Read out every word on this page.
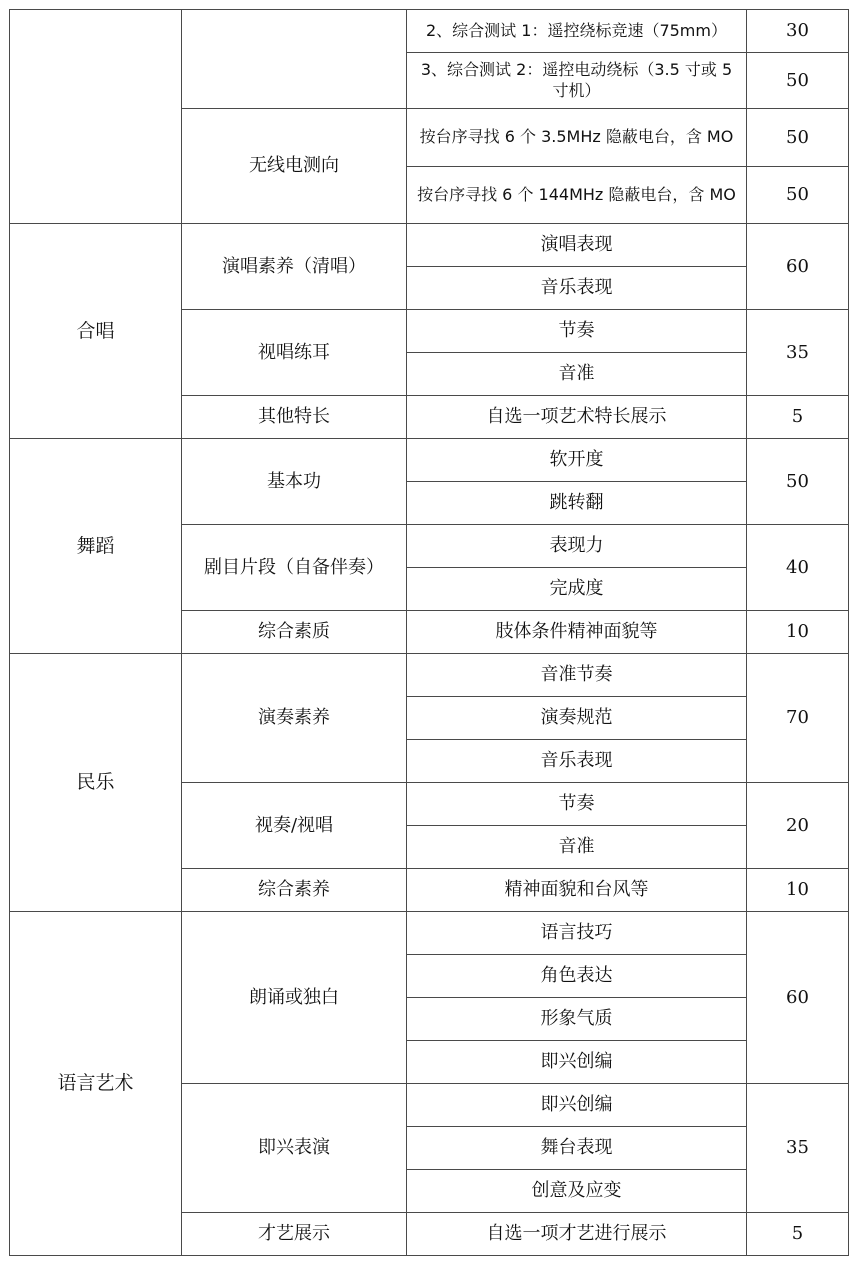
		2、综合测试 1：遥控绕标竞速（75mm）	30
		3、综合测试 2：遥控电动绕标（3.5 寸或 5 寸机）	50
	无线电测向	按台序寻找 6 个 3.5MHz 隐蔽电台，含 MO	50
		按台序寻找 6 个 144MHz 隐蔽电台，含 MO	50
合唱	演唱素养（清唱）	演唱表现	60
		音乐表现	
	视唱练耳	节奏	35
		音准	
	其他特长	自选一项艺术特长展示	5
舞蹈	基本功	软开度	50
		跳转翻	
	剧目片段（自备伴奏）	表现力	40
		完成度	
	综合素质	肢体条件精神面貌等	10
民乐	演奏素养	音准节奏	70
		演奏规范	
		音乐表现	
	视奏/视唱	节奏	20
		音准	
	综合素养	精神面貌和台风等	10
语言艺术	朗诵或独白	语言技巧	60
		角色表达	
		形象气质	
		即兴创编	
	即兴表演	即兴创编	35
		舞台表现	
		创意及应变	
	才艺展示	自选一项才艺进行展示	5
